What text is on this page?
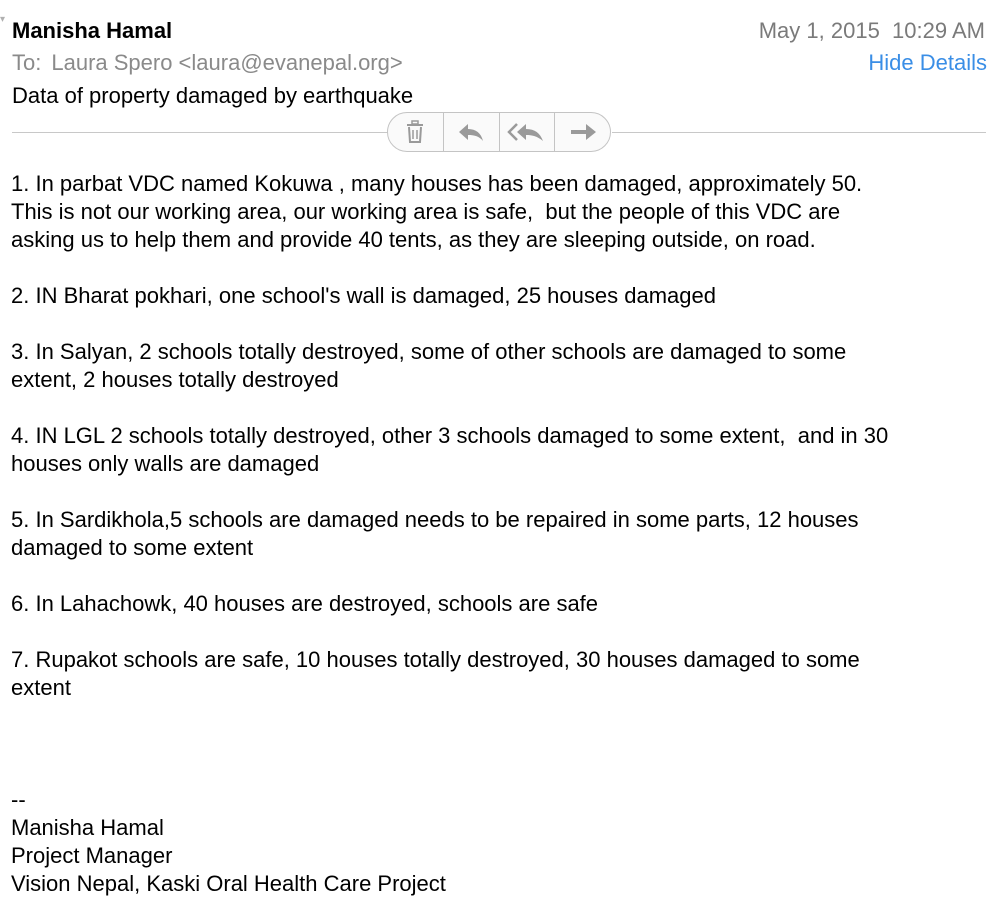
▾ Manisha Hamal	May 1, 2015 10:29 AM
To: Laura Spero <laura@evanepal.org>	Hide Details
Data of property damaged by earthquake

1. In parbat VDC named Kokuwa , many houses has been damaged, approximately 50.
This is not our working area, our working area is safe,  but the people of this VDC are
asking us to help them and provide 40 tents, as they are sleeping outside, on road.

2. IN Bharat pokhari, one school's wall is damaged, 25 houses damaged

3. In Salyan, 2 schools totally destroyed, some of other schools are damaged to some
extent, 2 houses totally destroyed

4. IN LGL 2 schools totally destroyed, other 3 schools damaged to some extent,  and in 30
houses only walls are damaged

5. In Sardikhola,5 schools are damaged needs to be repaired in some parts, 12 houses
damaged to some extent

6. In Lahachowk, 40 houses are destroyed, schools are safe

7. Rupakot schools are safe, 10 houses totally destroyed, 30 houses damaged to some
extent

--
Manisha Hamal
Project Manager
Vision Nepal, Kaski Oral Health Care Project
